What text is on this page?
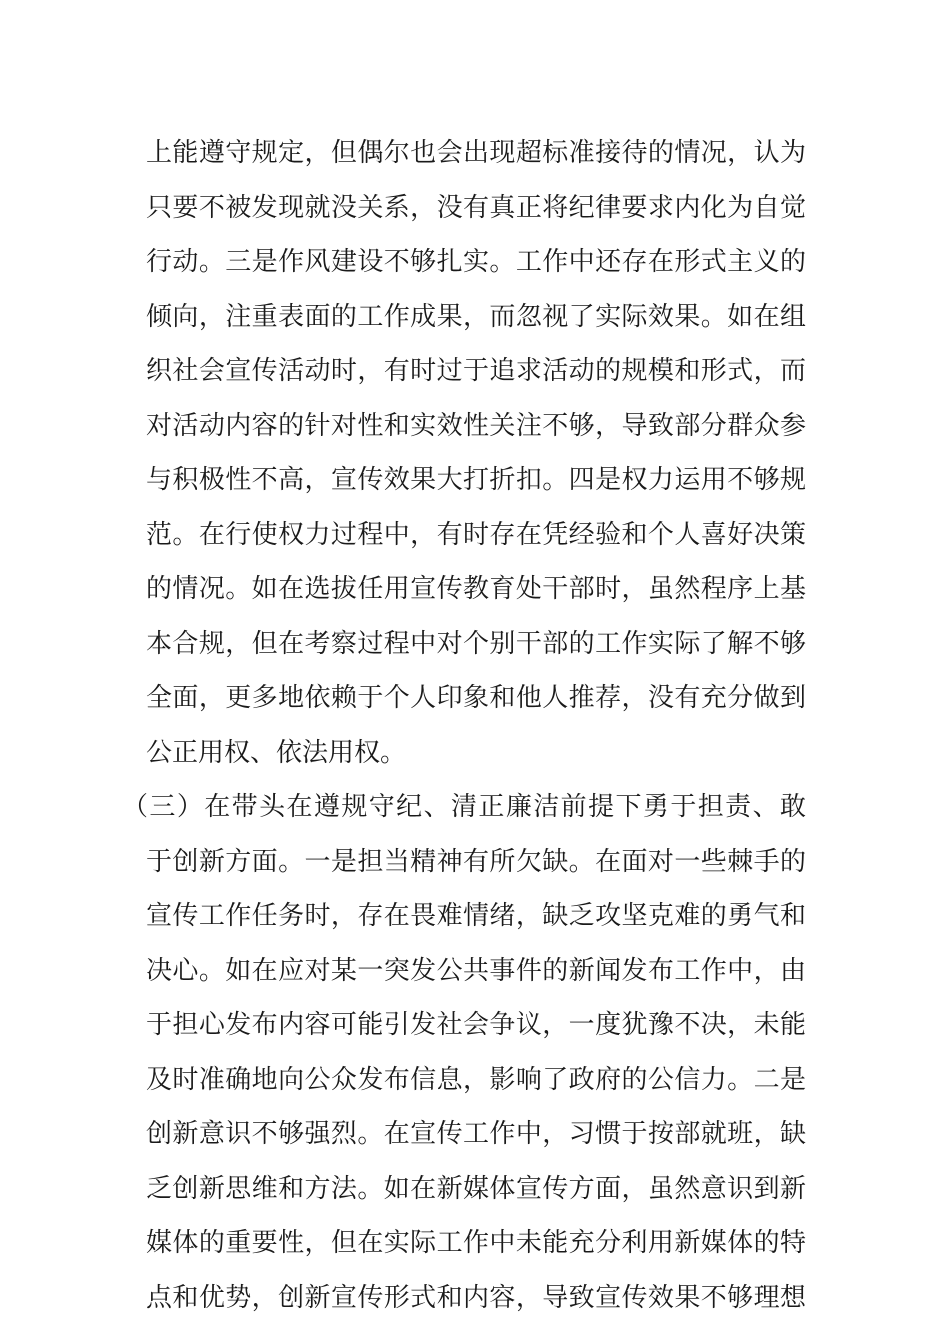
上能遵守规定，但偶尔也会出现超标准接待的情况，认为
只要不被发现就没关系，没有真正将纪律要求内化为自觉
行动。三是作风建设不够扎实。工作中还存在形式主义的
倾向，注重表面的工作成果，而忽视了实际效果。如在组
织社会宣传活动时，有时过于追求活动的规模和形式，而
对活动内容的针对性和实效性关注不够，导致部分群众参
与积极性不高，宣传效果大打折扣。四是权力运用不够规
范。在行使权力过程中，有时存在凭经验和个人喜好决策
的情况。如在选拔任用宣传教育处干部时，虽然程序上基
本合规，但在考察过程中对个别干部的工作实际了解不够
全面，更多地依赖于个人印象和他人推荐，没有充分做到
公正用权、依法用权。
（三）在带头在遵规守纪、清正廉洁前提下勇于担责、敢
于创新方面。一是担当精神有所欠缺。在面对一些棘手的
宣传工作任务时，存在畏难情绪，缺乏攻坚克难的勇气和
决心。如在应对某一突发公共事件的新闻发布工作中，由
于担心发布内容可能引发社会争议，一度犹豫不决，未能
及时准确地向公众发布信息，影响了政府的公信力。二是
创新意识不够强烈。在宣传工作中，习惯于按部就班，缺
乏创新思维和方法。如在新媒体宣传方面，虽然意识到新
媒体的重要性，但在实际工作中未能充分利用新媒体的特
点和优势，创新宣传形式和内容，导致宣传效果不够理想
